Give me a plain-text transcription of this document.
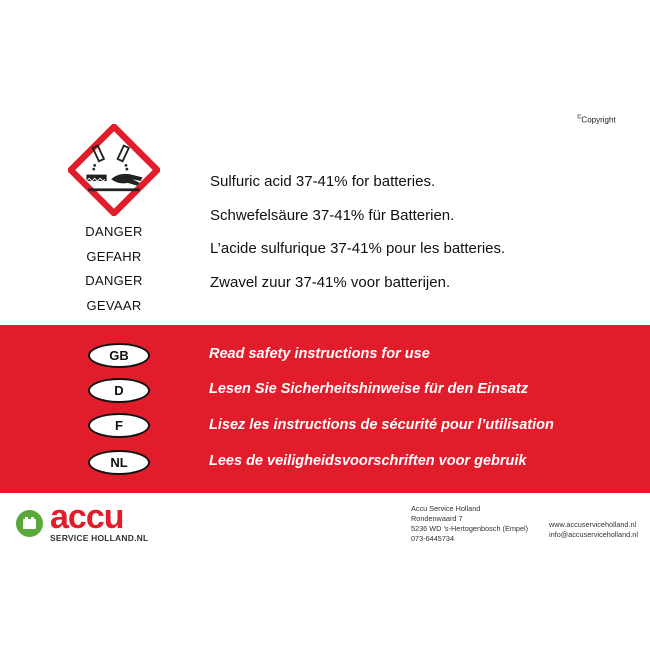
©Copyright
DANGER
GEFAHR
DANGER
GEVAAR
Sulfuric acid 37-41% for batteries.
Schwefelsäure 37-41% für Batterien.
L’acide sulfurique 37-41% pour les batteries.
Zwavel zuur 37-41% voor batterijen.
GB	Read safety instructions for use
D	Lesen Sie Sicherheitshinweise für den Einsatz
F	Lisez les instructions de sécurité pour l’utilisation
NL	Lees de veiligheidsvoorschriften voor gebruik
accu
SERVICE HOLLAND.NL
Accu Service Holland
Rondenwaard 7
5236 WD ’s-Hertogenbosch (Empel)
073-6445734
www.accuserviceholland.nl
info@accuserviceholland.nl
